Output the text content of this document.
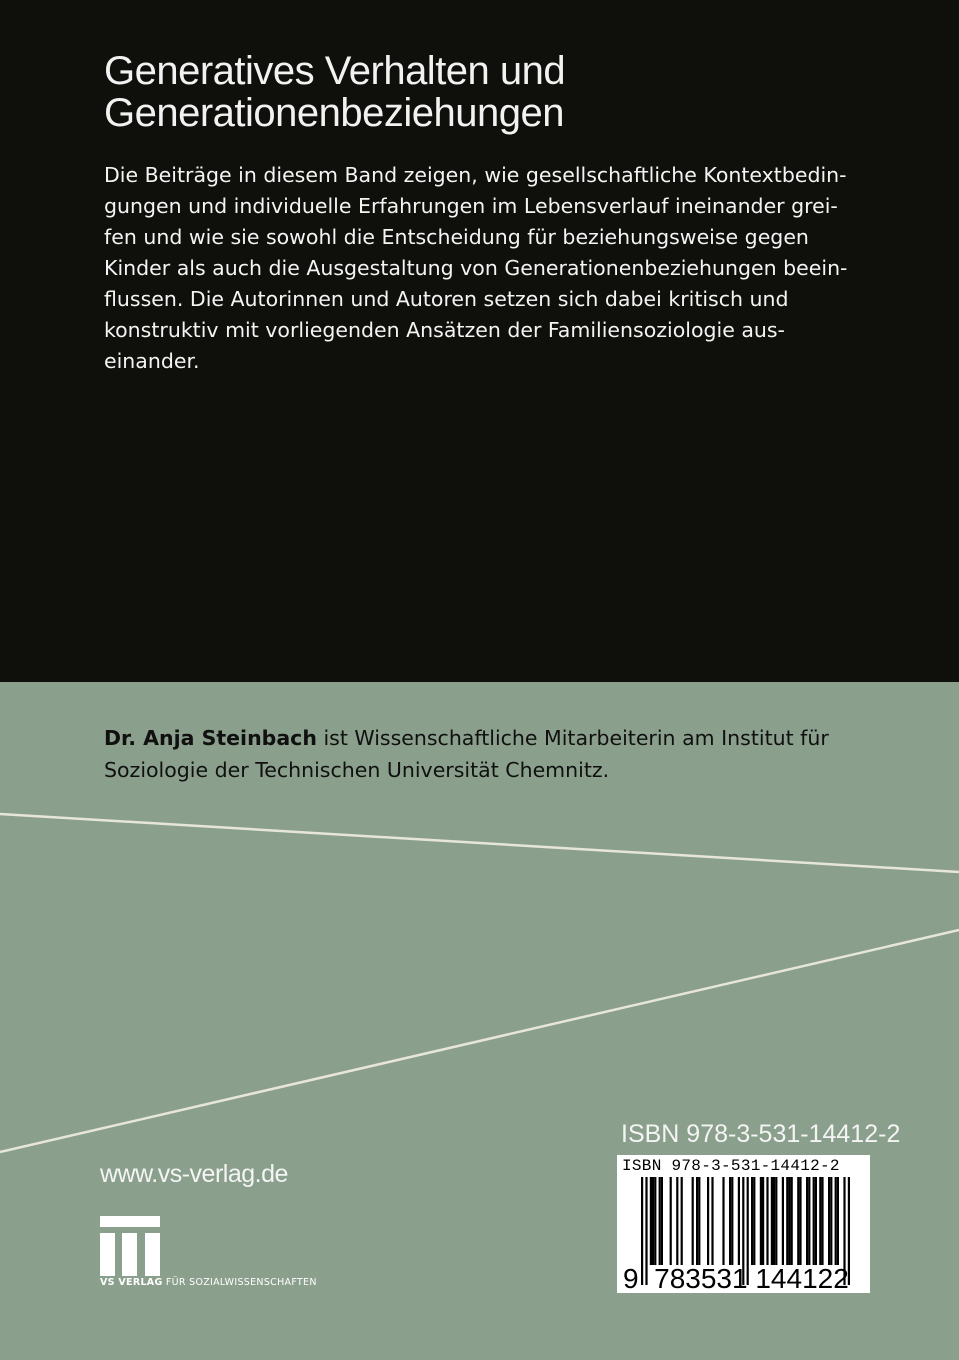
Generatives Verhalten und
Generationenbeziehungen
Die Beiträge in diesem Band zeigen, wie gesellschaftliche Kontextbedin-
gungen und individuelle Erfahrungen im Lebensverlauf ineinander grei-
fen und wie sie sowohl die Entscheidung für beziehungsweise gegen
Kinder als auch die Ausgestaltung von Generationenbeziehungen beein-
flussen. Die Autorinnen und Autoren setzen sich dabei kritisch und
konstruktiv mit vorliegenden Ansätzen der Familiensoziologie aus-
einander.
Dr. Anja Steinbach ist Wissenschaftliche Mitarbeiterin am Institut für
Soziologie der Technischen Universität Chemnitz.
www.vs-verlag.de
VS VERLAG FÜR SOZIALWISSENSCHAFTEN
ISBN 978-3-531-14412-2
ISBN 978-3-531-14412-2
9 783531 144122
